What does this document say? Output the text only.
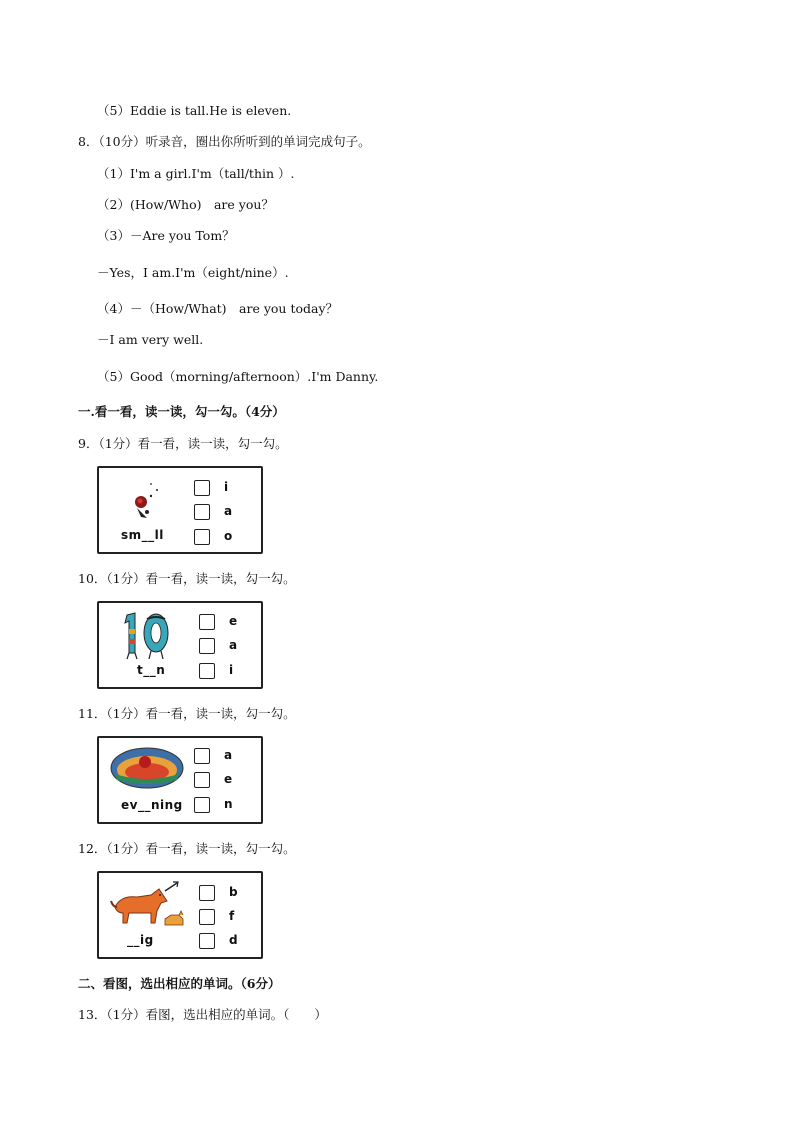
（5）Eddie is tall.He is eleven.
8．（10分）听录音，圈出你所听到的单词完成句子。
（1）I'm a girl.I'm（tall/thin ）.
（2）(How/Who)　are you？
（3）－Are you Tom？
－Yes，I am.I'm（eight/nine）.
（4）－（How/What)　are you today？
－I am very well.
（5）Good（morning/afternoon）.I'm Danny.
一.看一看，读一读，勾一勾。（4分）
9．（1分）看一看，读一读，勾一勾。
sm__ll
i
a
o
10．（1分）看一看，读一读，勾一勾。
t__n
e
a
i
11．（1分）看一看，读一读，勾一勾。
ev__ning
a
e
n
12．（1分）看一看，读一读，勾一勾。
__ig
b
f
d
二、看图，选出相应的单词。（6分）
13．（1分）看图，选出相应的单词。（　　）
